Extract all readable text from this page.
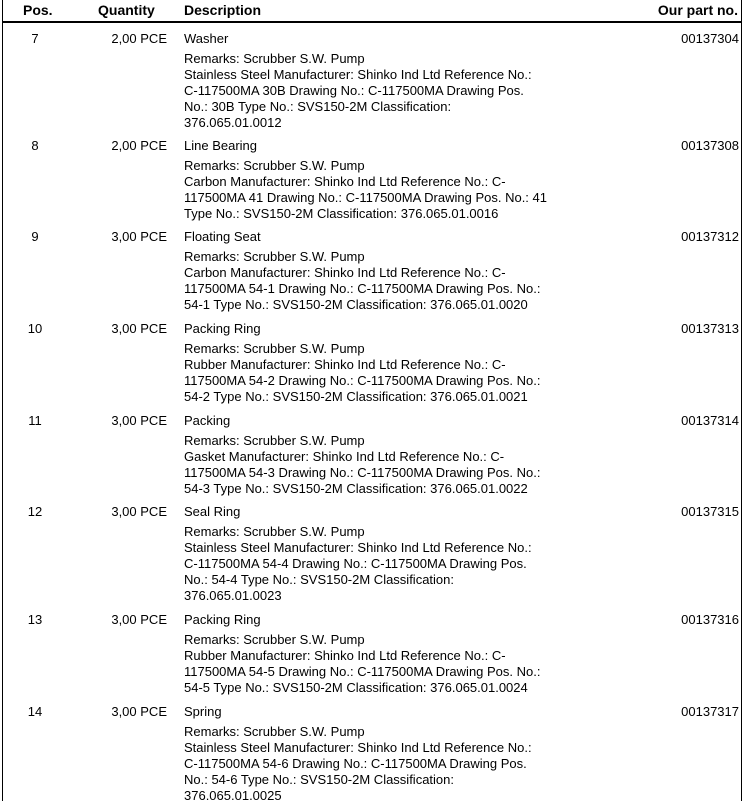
Pos.	Quantity Description	Our part no.
7	2,00 PCE Washer	00137304
Remarks: Scrubber S.W. Pump
Stainless Steel Manufacturer: Shinko Ind Ltd Reference No.:
C-117500MA 30B Drawing No.: C-117500MA Drawing Pos.
No.: 30B Type No.: SVS150-2M Classification:
376.065.01.0012
8	2,00 PCE Line Bearing	00137308
Remarks: Scrubber S.W. Pump
Carbon Manufacturer: Shinko Ind Ltd Reference No.: C-
117500MA 41 Drawing No.: C-117500MA Drawing Pos. No.: 41
Type No.: SVS150-2M Classification: 376.065.01.0016
9	3,00 PCE Floating Seat	00137312
Remarks: Scrubber S.W. Pump
Carbon Manufacturer: Shinko Ind Ltd Reference No.: C-
117500MA 54-1 Drawing No.: C-117500MA Drawing Pos. No.:
54-1 Type No.: SVS150-2M Classification: 376.065.01.0020
10	3,00 PCE Packing Ring	00137313
Remarks: Scrubber S.W. Pump
Rubber Manufacturer: Shinko Ind Ltd Reference No.: C-
117500MA 54-2 Drawing No.: C-117500MA Drawing Pos. No.:
54-2 Type No.: SVS150-2M Classification: 376.065.01.0021
11	3,00 PCE Packing	00137314
Remarks: Scrubber S.W. Pump
Gasket Manufacturer: Shinko Ind Ltd Reference No.: C-
117500MA 54-3 Drawing No.: C-117500MA Drawing Pos. No.:
54-3 Type No.: SVS150-2M Classification: 376.065.01.0022
12	3,00 PCE Seal Ring	00137315
Remarks: Scrubber S.W. Pump
Stainless Steel Manufacturer: Shinko Ind Ltd Reference No.:
C-117500MA 54-4 Drawing No.: C-117500MA Drawing Pos.
No.: 54-4 Type No.: SVS150-2M Classification:
376.065.01.0023
13	3,00 PCE Packing Ring	00137316
Remarks: Scrubber S.W. Pump
Rubber Manufacturer: Shinko Ind Ltd Reference No.: C-
117500MA 54-5 Drawing No.: C-117500MA Drawing Pos. No.:
54-5 Type No.: SVS150-2M Classification: 376.065.01.0024
14	3,00 PCE Spring	00137317
Remarks: Scrubber S.W. Pump
Stainless Steel Manufacturer: Shinko Ind Ltd Reference No.:
C-117500MA 54-6 Drawing No.: C-117500MA Drawing Pos.
No.: 54-6 Type No.: SVS150-2M Classification:
376.065.01.0025
